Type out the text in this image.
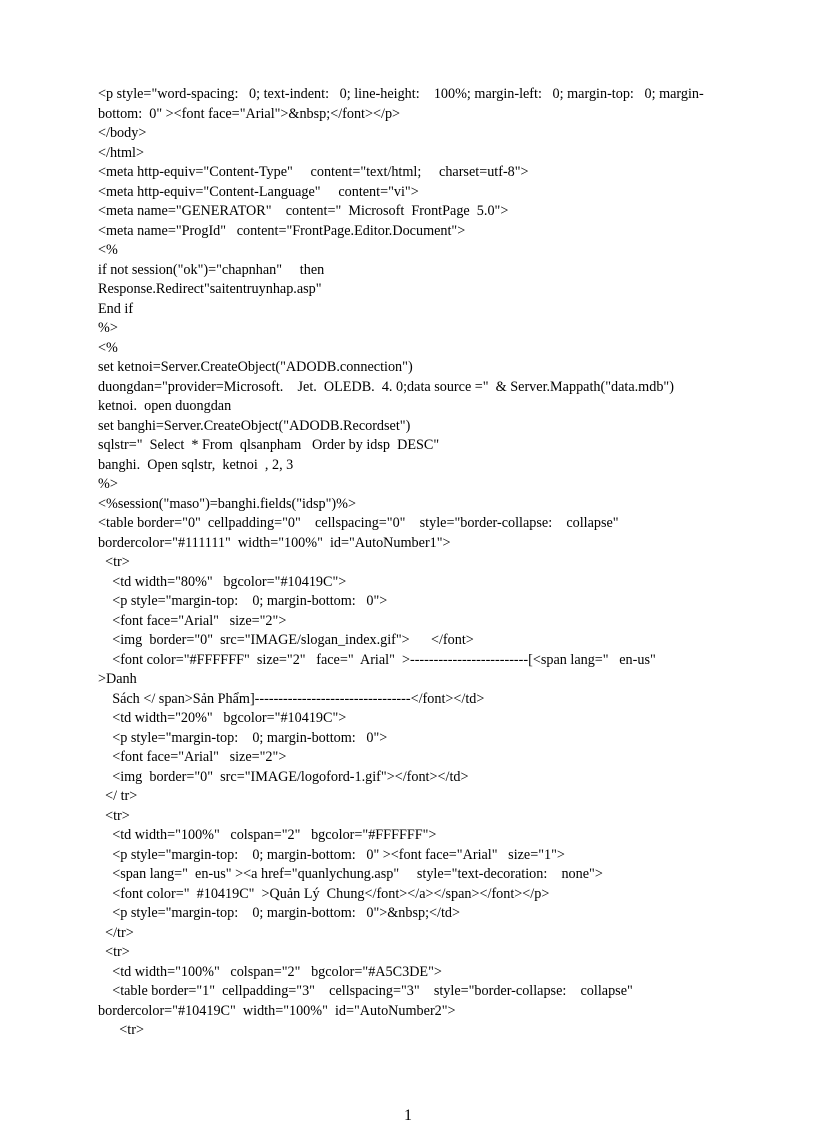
<p style="word-spacing:   0; text-indent:   0; line-height:    100%; margin-left:   0; margin-top:   0; margin-
bottom:  0" ><font face="Arial">&nbsp;</font></p>
</body>
</html>
<meta http-equiv="Content-Type"     content="text/html;     charset=utf-8">
<meta http-equiv="Content-Language"     content="vi">
<meta name="GENERATOR"    content="  Microsoft  FrontPage  5.0">
<meta name="ProgId"   content="FrontPage.Editor.Document">
<%
if not session("ok")="chapnhan"     then
Response.Redirect"saitentruynhap.asp"
End if
%>
<%
set ketnoi=Server.CreateObject("ADODB.connection")
duongdan="provider=Microsoft.    Jet.  OLEDB.  4. 0;data source ="  & Server.Mappath("data.mdb")
ketnoi.  open duongdan
set banghi=Server.CreateObject("ADODB.Recordset")
sqlstr="  Select  * From  qlsanpham   Order by idsp  DESC"
banghi.  Open sqlstr,  ketnoi  , 2, 3
%>
<%session("maso")=banghi.fields("idsp")%>
<table border="0"  cellpadding="0"    cellspacing="0"    style="border-collapse:    collapse"
bordercolor="#111111"  width="100%"  id="AutoNumber1">
<tr>
<td width="80%"   bgcolor="#10419C">
<p style="margin-top:    0; margin-bottom:   0">
<font face="Arial"   size="2">
<img  border="0"  src="IMAGE/slogan_index.gif">      </font>
<font color="#FFFFFF"  size="2"   face="  Arial"  >-------------------------[<span lang="   en-us"
>Danh
Sách </ span>Sản Phẩm]---------------------------------</font></td>
<td width="20%"   bgcolor="#10419C">
<p style="margin-top:    0; margin-bottom:   0">
<font face="Arial"   size="2">
<img  border="0"  src="IMAGE/logoford-1.gif"></font></td>
</ tr>
<tr>
<td width="100%"   colspan="2"   bgcolor="#FFFFFF">
<p style="margin-top:    0; margin-bottom:   0" ><font face="Arial"   size="1">
<span lang="  en-us" ><a href="quanlychung.asp"     style="text-decoration:    none">
<font color="  #10419C"  >Quản Lý  Chung</font></a></span></font></p>
<p style="margin-top:    0; margin-bottom:   0">&nbsp;</td>
</tr>
<tr>
<td width="100%"   colspan="2"   bgcolor="#A5C3DE">
<table border="1"  cellpadding="3"    cellspacing="3"    style="border-collapse:    collapse"
bordercolor="#10419C"  width="100%"  id="AutoNumber2">
<tr>
1
